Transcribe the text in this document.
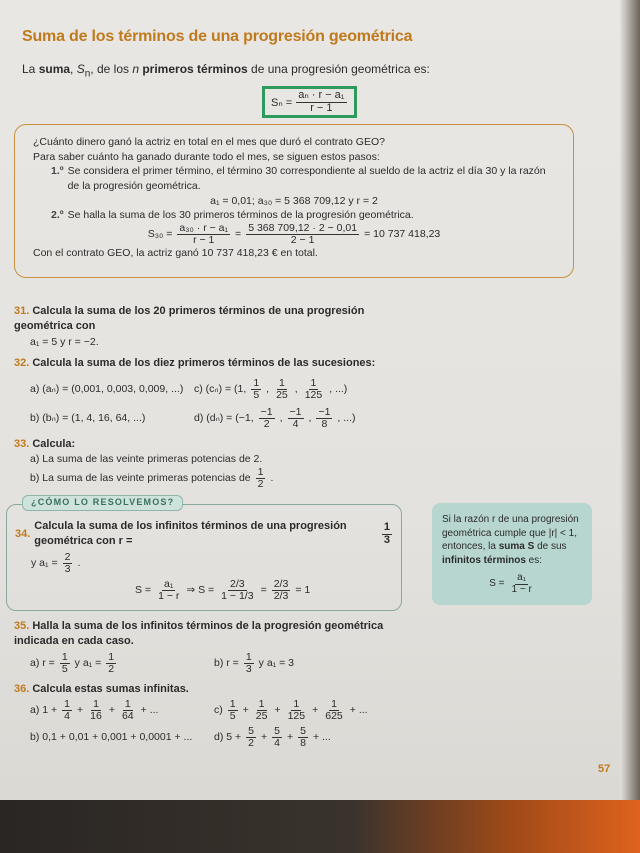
Suma de los términos de una progresión geométrica
La suma, $S_n$, de los n primeros términos de una progresión geométrica es:
$S_n = \frac{\text{aₙ · r − a₁}}{r - 1}$
¿Cuánto dinero ganó la actriz en total en el mes que duró el contrato GEO?
Para saber cuánto ha ganado durante todo el mes, se siguen estos pasos:
1.º Se considera el primer término, el término 30 correspondiente al sueldo de la actriz el día 30 y la razón de la progresión geométrica.
a₁ = 0,01; a₃₀ = 5 368 709,12 y r = 2
2.º Se halla la suma de los 30 primeros términos de la progresión geométrica.
$S_{30} = \frac{\text{a₃₀ · r − a₁}}{r - 1} = \frac{5 368 709,12 \cdot 2 - 0,01}{2 - 1} = 10$ 737 418,23
Con el contrato GEO, la actriz ganó 10 737 418,23 € en total.
31. Calcula la suma de los 20 primeros términos de una progresión geométrica con
a₁ = 5 y r = −2.
32. Calcula la suma de los diez primeros términos de las sucesiones:
a) (aₙ) = (0,001, 0,003, 0,009, ...)	c) (cₙ) = (1,
1
5 ,
1
25 ,
1
125 , ...)
b) (bₙ) = (1, 4, 16, 64, ...)	d) (dₙ) = (−1,
−1
2 ,
−1
4 ,
−1
8 , ...)
33. Calcula:
a) La suma de las veinte primeras potencias de 2.
b) La suma de las veinte primeras potencias de
1
2 .
34.
Calcula la suma de los infinitos términos de una progresión geométrica con r =	$\frac{1}{3}$
y $a_1 = \frac{2}{3}$ .
$S = \frac{\text{a₁}}{1 - r}$ ⇒ $S = \frac{2/3}{1 - 1/3} = \frac{2/3}{2/3} = 1$
¿CÓMO LO RESOLVEMOS?
35. Halla la suma de los infinitos términos de la progresión geométrica indicada en cada caso.
a) $r = \frac{1}{5}$ y $a_1 = \frac{1}{2}$	b) $r = \frac{1}{3}$ y a₁ = 3
36. Calcula estas sumas infinitas.
a) 1 +
1
$4 + \frac{1}{16} + \frac{1}{64}$ + ...	c)
1
$5 + \frac{1}{25} + \frac{1}{125} + \frac{1}{625}$ + ...
b) 0,1 + 0,01 + 0,001 + 0,0001 + ...	d) 5 +
5
$2 + \frac{5}{4} + \frac{5}{8}$ + ...
Si la razón r de una progresión geométrica cumple que |r| < 1, entonces, la suma S de sus infinitos términos es:
$S = \frac{\text{a₁}}{1 - r}$
57
